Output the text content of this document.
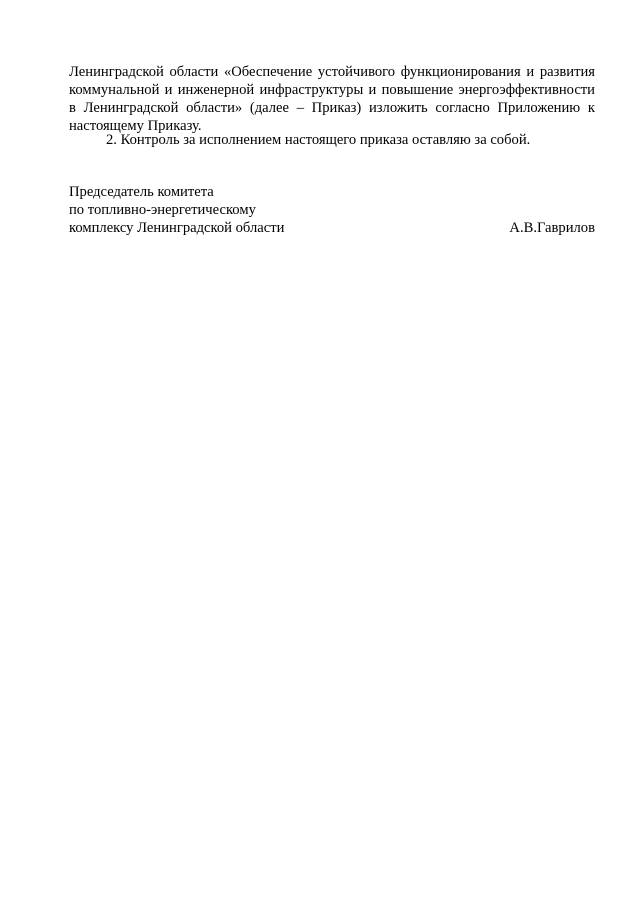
Ленинградской области «Обеспечение устойчивого функционирования и развития коммунальной и инженерной инфраструктуры и повышение энергоэффективности в Ленинградской области» (далее – Приказ) изложить согласно Приложению к настоящему Приказу.

2. Контроль за исполнением настоящего приказа оставляю за собой.

Председатель комитета
по топливно-энергетическому
комплексу Ленинградской области	А.В.Гаврилов
